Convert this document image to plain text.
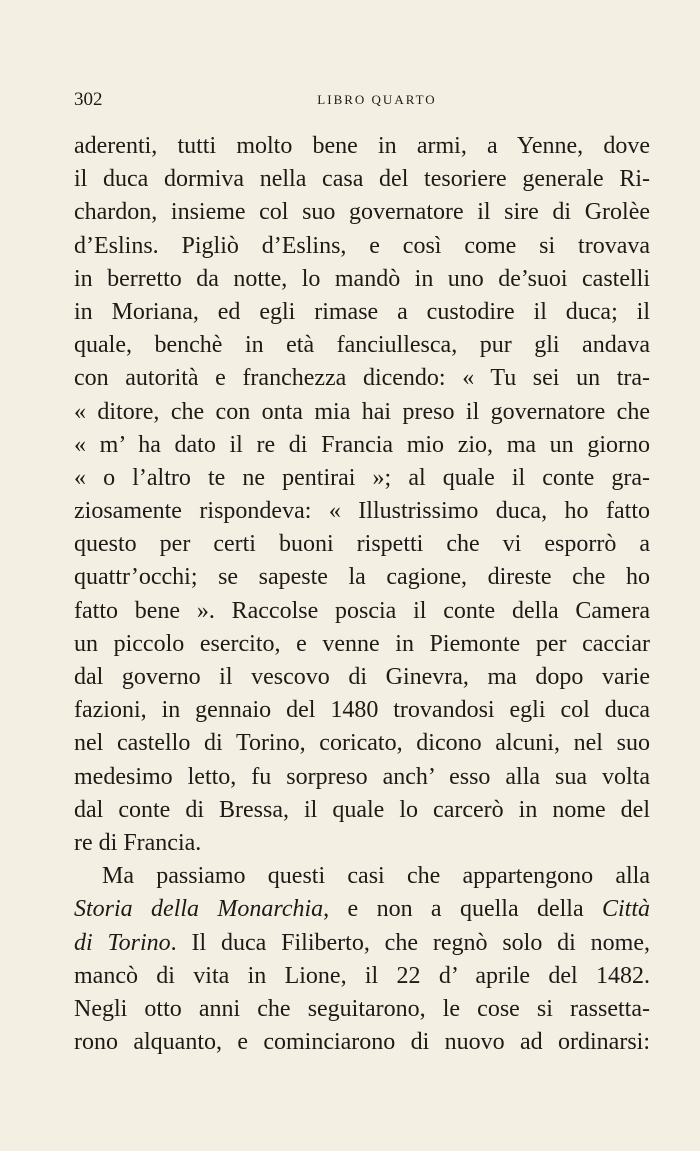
302	LIBRO QUARTO
aderenti, tutti molto bene in armi, a Yenne, dove
il duca dormiva nella casa del tesoriere generale Ri-
chardon, insieme col suo governatore il sire di Grolèe
d’Eslins. Pigliò d’Eslins, e così come si trovava
in berretto da notte, lo mandò in uno de’suoi castelli
in Moriana, ed egli rimase a custodire il duca; il
quale, benchè in età fanciullesca, pur gli andava
con autorità e franchezza dicendo: « Tu sei un tra-
« ditore, che con onta mia hai preso il governatore che
« m’ ha dato il re di Francia mio zio, ma un giorno
« o l’altro te ne pentirai »; al quale il conte gra-
ziosamente rispondeva: « Illustrissimo duca, ho fatto
questo per certi buoni rispetti che vi esporrò a
quattr’occhi; se sapeste la cagione, direste che ho
fatto bene ». Raccolse poscia il conte della Camera
un piccolo esercito, e venne in Piemonte per cacciar
dal governo il vescovo di Ginevra, ma dopo varie
fazioni, in gennaio del 1480 trovandosi egli col duca
nel castello di Torino, coricato, dicono alcuni, nel suo
medesimo letto, fu sorpreso anch’ esso alla sua volta
dal conte di Bressa, il quale lo carcerò in nome del
re di Francia.
Ma passiamo questi casi che appartengono alla
Storia della Monarchia, e non a quella della Città
di Torino. Il duca Filiberto, che regnò solo di nome,
mancò di vita in Lione, il 22 d’ aprile del 1482.
Negli otto anni che seguitarono, le cose si rassetta-
rono alquanto, e cominciarono di nuovo ad ordinarsi:
